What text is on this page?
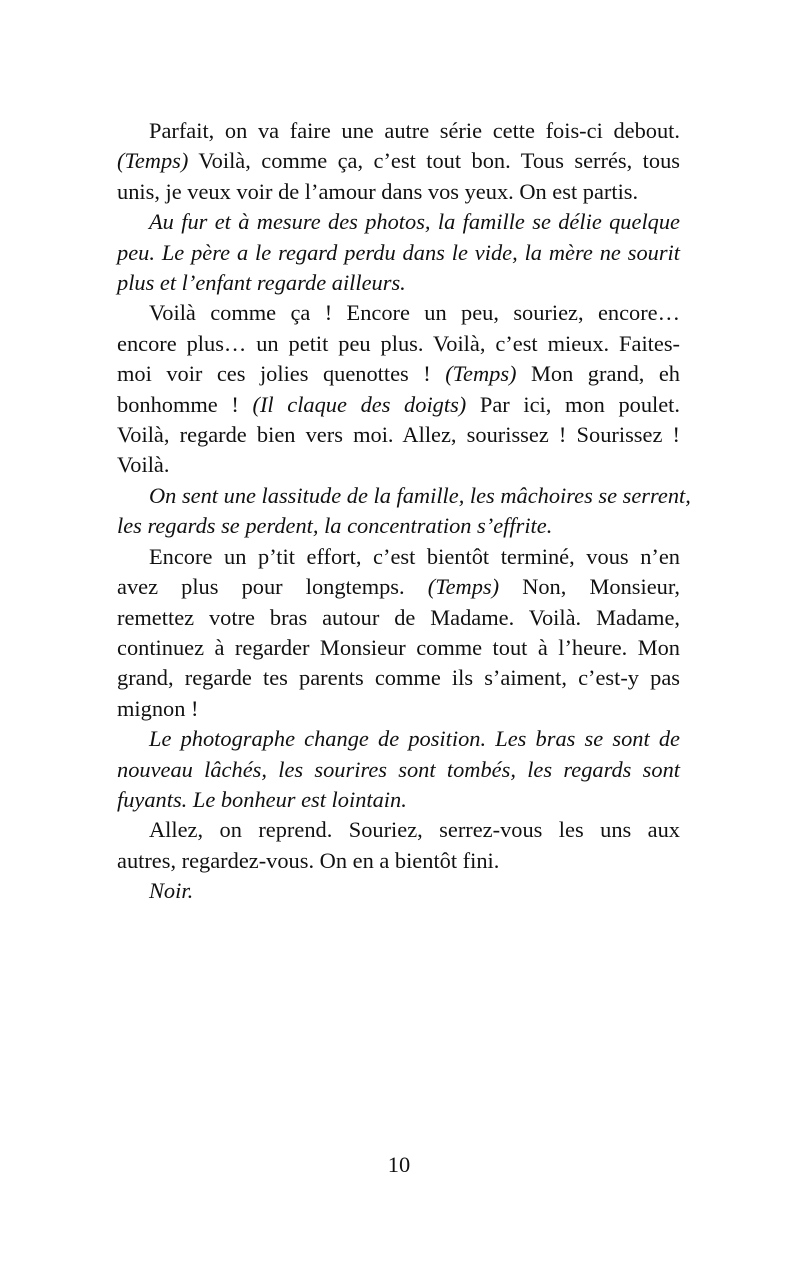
Parfait, on va faire une autre série cette fois-ci debout.
(Temps) Voilà, comme ça, c’est tout bon. Tous serrés, tous
unis, je veux voir de l’amour dans vos yeux. On est partis.
Au fur et à mesure des photos, la famille se délie quelque
peu. Le père a le regard perdu dans le vide, la mère ne sourit
plus et l’enfant regarde ailleurs.
Voilà comme ça ! Encore un peu, souriez, encore…
encore plus… un petit peu plus. Voilà, c’est mieux. Faites-
moi voir ces jolies quenottes ! (Temps) Mon grand, eh
bonhomme ! (Il claque des doigts) Par ici, mon poulet.
Voilà, regarde bien vers moi. Allez, sourissez ! Sourissez !
Voilà.
On sent une lassitude de la famille, les mâchoires se serrent,
les regards se perdent, la concentration s’effrite.
Encore un p’tit effort, c’est bientôt terminé, vous n’en
avez plus pour longtemps. (Temps) Non, Monsieur,
remettez votre bras autour de Madame. Voilà. Madame,
continuez à regarder Monsieur comme tout à l’heure. Mon
grand, regarde tes parents comme ils s’aiment, c’est-y pas
mignon !
Le photographe change de position. Les bras se sont de
nouveau lâchés, les sourires sont tombés, les regards sont
fuyants. Le bonheur est lointain.
Allez, on reprend. Souriez, serrez-vous les uns aux
autres, regardez-vous. On en a bientôt fini.
Noir.
10
